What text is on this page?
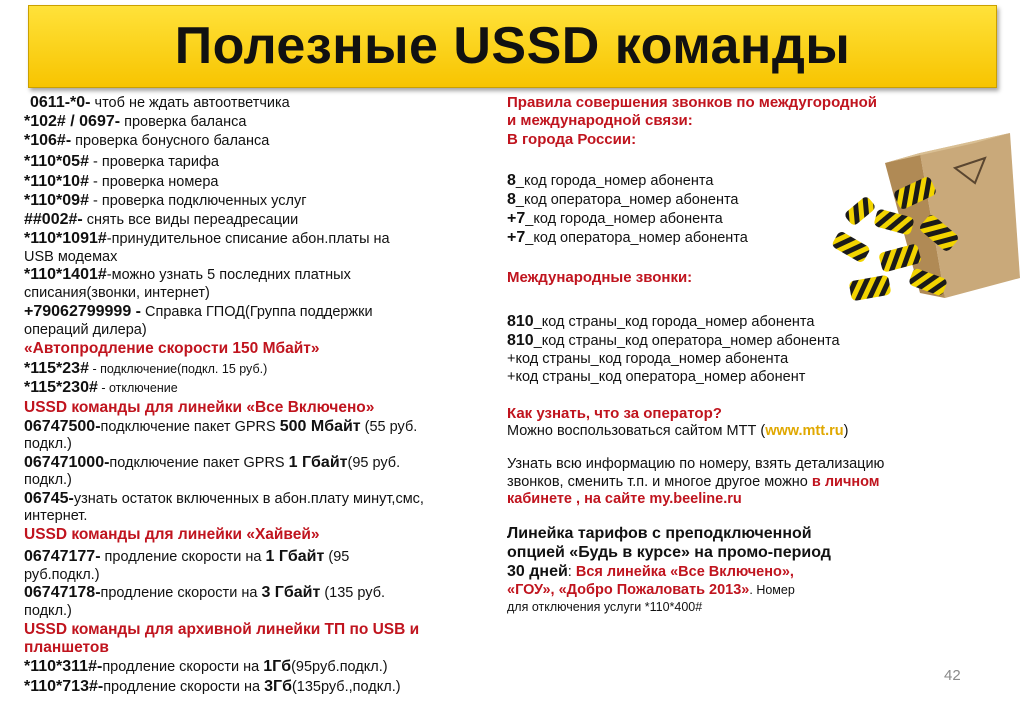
Полезные USSD команды
0611-*0- чтоб не ждать автоответчика
*102# / 0697- проверка баланса
*106#- проверка бонусного баланса
*110*05# - проверка тарифа
*110*10# - проверка номера
*110*09# - проверка подключенных услуг
##002#- снять все виды переадресации
*110*1091#-принудительное списание абон.платы на
USB модемах
*110*1401#-можно узнать 5 последних платных
списания(звонки, интернет)
+79062799999 - Справка ГПОД(Группа поддержки
операций дилера)
«Автопродление скорости 150 Мбайт»
*115*23# - подключение(подкл. 15 руб.)
*115*230# - отключение
USSD команды для линейки «Все Включено»
06747500-подключение пакет GPRS 500 Мбайт (55 руб.
подкл.)
067471000-подключение пакет GPRS 1 Гбайт(95 руб.
подкл.)
06745-узнать остаток включенных в абон.плату минут,смс,
интернет.
USSD команды для линейки «Хайвей»
06747177- продление скорости на 1 Гбайт (95
руб.подкл.)
06747178-продление скорости на 3 Гбайт (135 руб.
подкл.)
USSD команды для архивной линейки ТП по USB и
планшетов
*110*311#-продление скорости на 1Гб(95руб.подкл.)
*110*713#-продление скорости на 3Гб(135руб.,подкл.)
Правила совершения звонков по междугородной
и международной связи:
В города России:
8_код города_номер абонента
8_код оператора_номер абонента
+7_код города_номер абонента
+7_код оператора_номер абонента
Международные звонки:
810_код страны_код города_номер абонента
810_код страны_код оператора_номер абонента
+код страны_код города_номер абонента
+код страны_код оператора_номер абонент
Как узнать, что за оператор?
Можно воспользоваться сайтом МТТ (www.mtt.ru)
Узнать всю информацию по номеру, взять детализацию
звонков, сменить т.п. и многое другое можно в личном
кабинете , на сайте my.beeline.ru
Линейка тарифов с преподключенной
опцией «Будь в курсе» на промо-период
30 дней: Вся линейка «Все Включено»,
«ГОУ», «Добро Пожаловать 2013». Номер
для отключения услуги *110*400#
42
